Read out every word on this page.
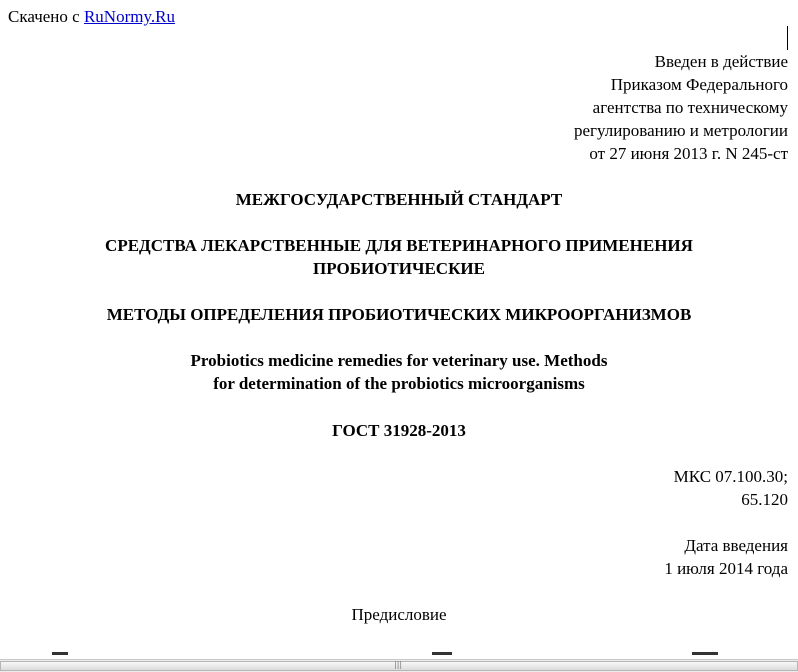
Скачено с RuNormy.Ru
Введен в действие
Приказом Федерального
агентства по техническому
регулированию и метрологии
от 27 июня 2013 г. N 245-ст
МЕЖГОСУДАРСТВЕННЫЙ СТАНДАРТ
СРЕДСТВА ЛЕКАРСТВЕННЫЕ ДЛЯ ВЕТЕРИНАРНОГО ПРИМЕНЕНИЯ
ПРОБИОТИЧЕСКИЕ
МЕТОДЫ ОПРЕДЕЛЕНИЯ ПРОБИОТИЧЕСКИХ МИКРООРГАНИЗМОВ
Probiotics medicine remedies for veterinary use. Methods
for determination of the probiotics microorganisms
ГОСТ 31928-2013
МКС 07.100.30;
65.120
Дата введения
1 июля 2014 года
Предисловие
|||
